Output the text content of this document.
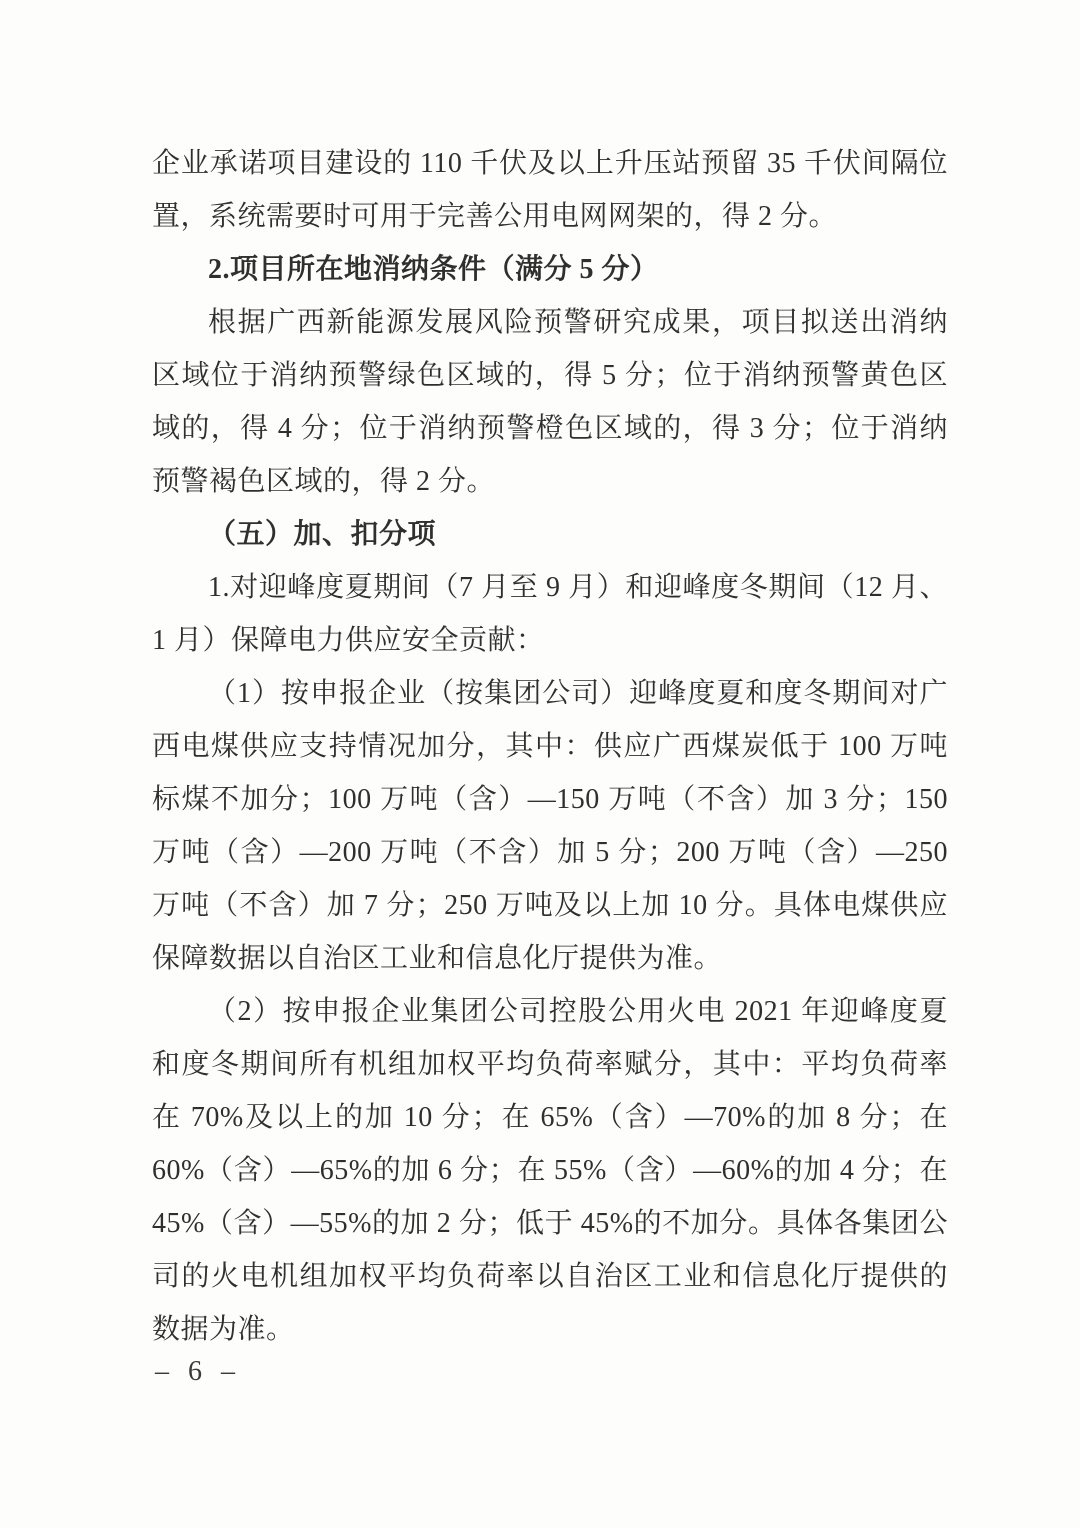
企业承诺项目建设的 110 千伏及以上升压站预留 35 千伏间隔位置，系统需要时可用于完善公用电网网架的，得 2 分。

2.项目所在地消纳条件（满分 5 分）

根据广西新能源发展风险预警研究成果，项目拟送出消纳区域位于消纳预警绿色区域的，得 5 分；位于消纳预警黄色区域的，得 4 分；位于消纳预警橙色区域的，得 3 分；位于消纳预警褐色区域的，得 2 分。

（五）加、扣分项

1.对迎峰度夏期间（7 月至 9 月）和迎峰度冬期间（12 月、1 月）保障电力供应安全贡献：

（1）按申报企业（按集团公司）迎峰度夏和度冬期间对广西电煤供应支持情况加分，其中：供应广西煤炭低于 100 万吨标煤不加分；100 万吨（含）—150 万吨（不含）加 3 分；150 万吨（含）—200 万吨（不含）加 5 分；200 万吨（含）—250 万吨（不含）加 7 分；250 万吨及以上加 10 分。具体电煤供应保障数据以自治区工业和信息化厅提供为准。

（2）按申报企业集团公司控股公用火电 2021 年迎峰度夏和度冬期间所有机组加权平均负荷率赋分，其中：平均负荷率在 70%及以上的加 10 分；在 65%（含）—70%的加 8 分；在 60%（含）—65%的加 6 分；在 55%（含）—60%的加 4 分；在 45%（含）—55%的加 2 分；低于 45%的不加分。具体各集团公司的火电机组加权平均负荷率以自治区工业和信息化厅提供的数据为准。

– 6 –
